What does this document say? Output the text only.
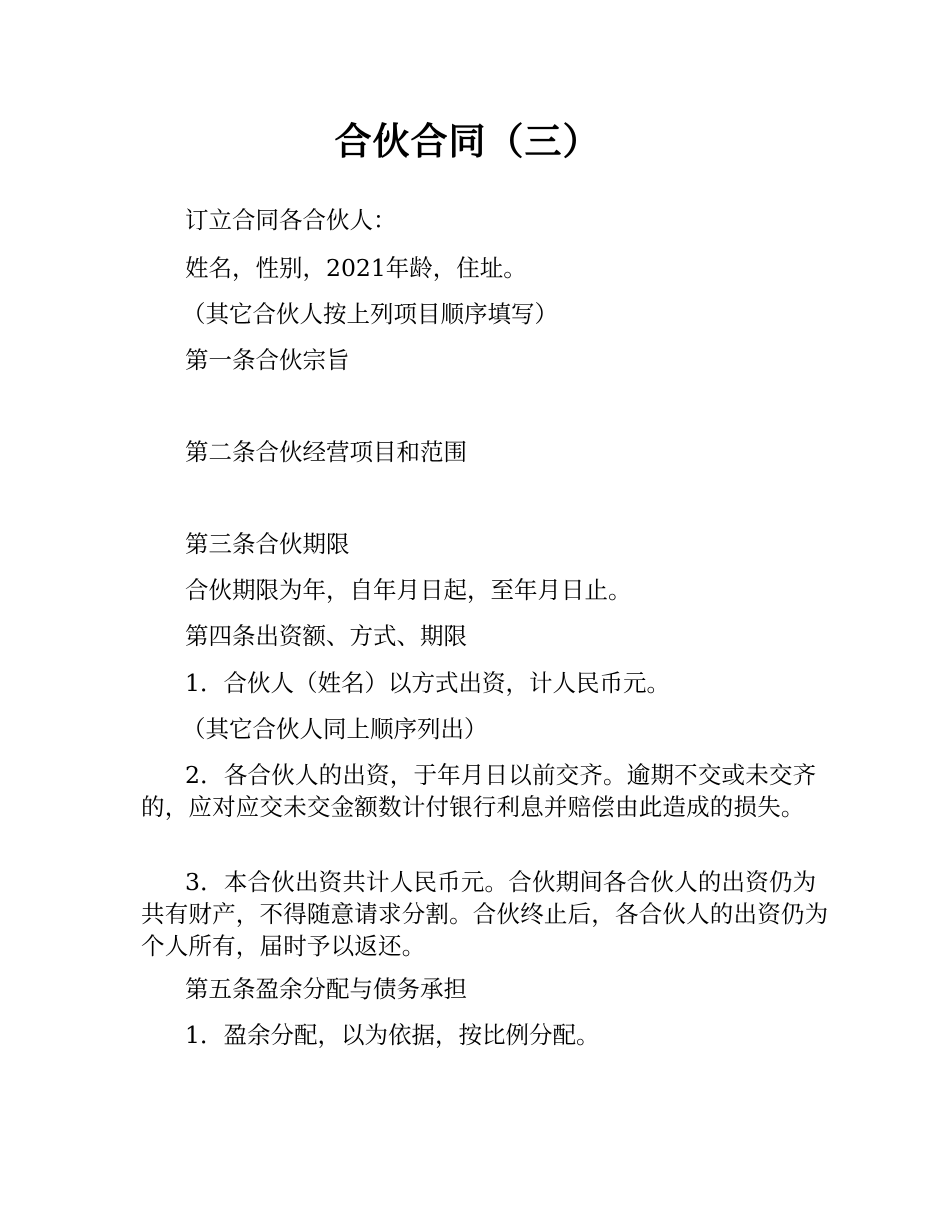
合伙合同（三）
订立合同各合伙人：
姓名，性别，2021年龄，住址。
（其它合伙人按上列项目顺序填写）
第一条合伙宗旨
第二条合伙经营项目和范围
第三条合伙期限
合伙期限为年，自年月日起，至年月日止。
第四条出资额、方式、期限
1．合伙人（姓名）以方式出资，计人民币元。
（其它合伙人同上顺序列出）
2．各合伙人的出资，于年月日以前交齐。逾期不交或未交齐的，应对应交未交金额数计付银行利息并赔偿由此造成的损失。
3．本合伙出资共计人民币元。合伙期间各合伙人的出资仍为共有财产，不得随意请求分割。合伙终止后，各合伙人的出资仍为个人所有，届时予以返还。
第五条盈余分配与债务承担
1．盈余分配，以为依据，按比例分配。
